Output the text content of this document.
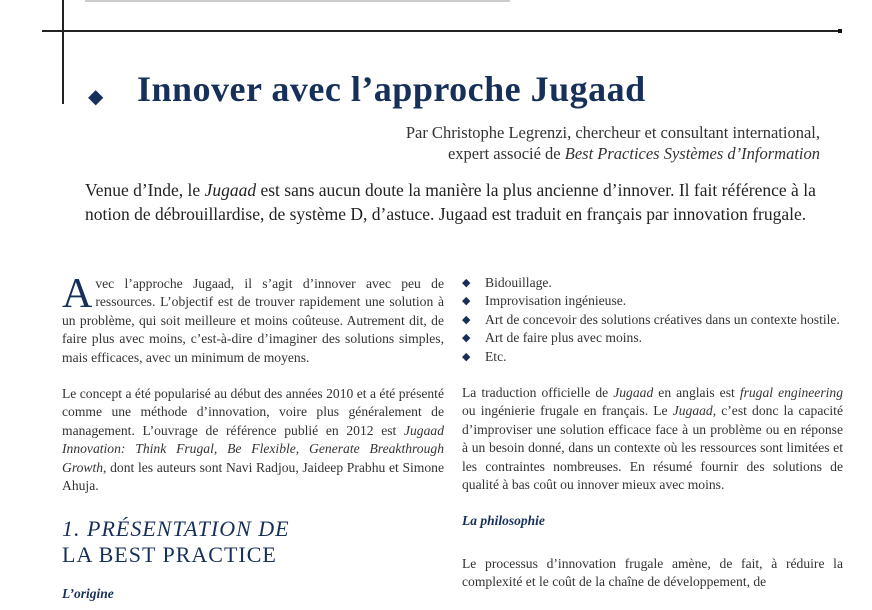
◆ Innover avec l’approche Jugaad
Par Christophe Legrenzi, chercheur et consultant international,
expert associé de Best Practices Systèmes d’Information
Venue d’Inde, le Jugaad est sans aucun doute la manière la plus ancienne d’innover. Il fait référence à la notion de débrouillardise, de système D, d’astuce. Jugaad est traduit en français par innovation frugale.

Avec l’approche Jugaad, il s’agit d’innover avec peu de ressources. L’objectif est de trouver rapidement une solution à un problème, qui soit meilleure et moins coûteuse. Autrement dit, de faire plus avec moins, c’est-à-dire d’imaginer des solutions simples, mais efficaces, avec un minimum de moyens.

Le concept a été popularisé au début des années 2010 et a été présenté comme une méthode d’innovation, voire plus généralement de management. L’ouvrage de référence publié en 2012 est Jugaad Innovation: Think Frugal, Be Flexible, Generate Breakthrough Growth, dont les auteurs sont Navi Radjou, Jaideep Prabhu et Simone Ahuja.

1. PRÉSENTATION DE
LA BEST PRACTICE
L’origine
◆ Bidouillage.
◆ Improvisation ingénieuse.
◆ Art de concevoir des solutions créatives dans un contexte hostile.
◆ Art de faire plus avec moins.
◆ Etc.

La traduction officielle de Jugaad en anglais est frugal engineering ou ingénierie frugale en français. Le Jugaad, c’est donc la capacité d’improviser une solution efficace face à un problème ou en réponse à un besoin donné, dans un contexte où les ressources sont limitées et les contraintes nombreuses. En résumé fournir des solutions de qualité à bas coût ou innover mieux avec moins.

La philosophie

Le processus d’innovation frugale amène, de fait, à réduire la complexité et le coût de la chaîne de développement, de
